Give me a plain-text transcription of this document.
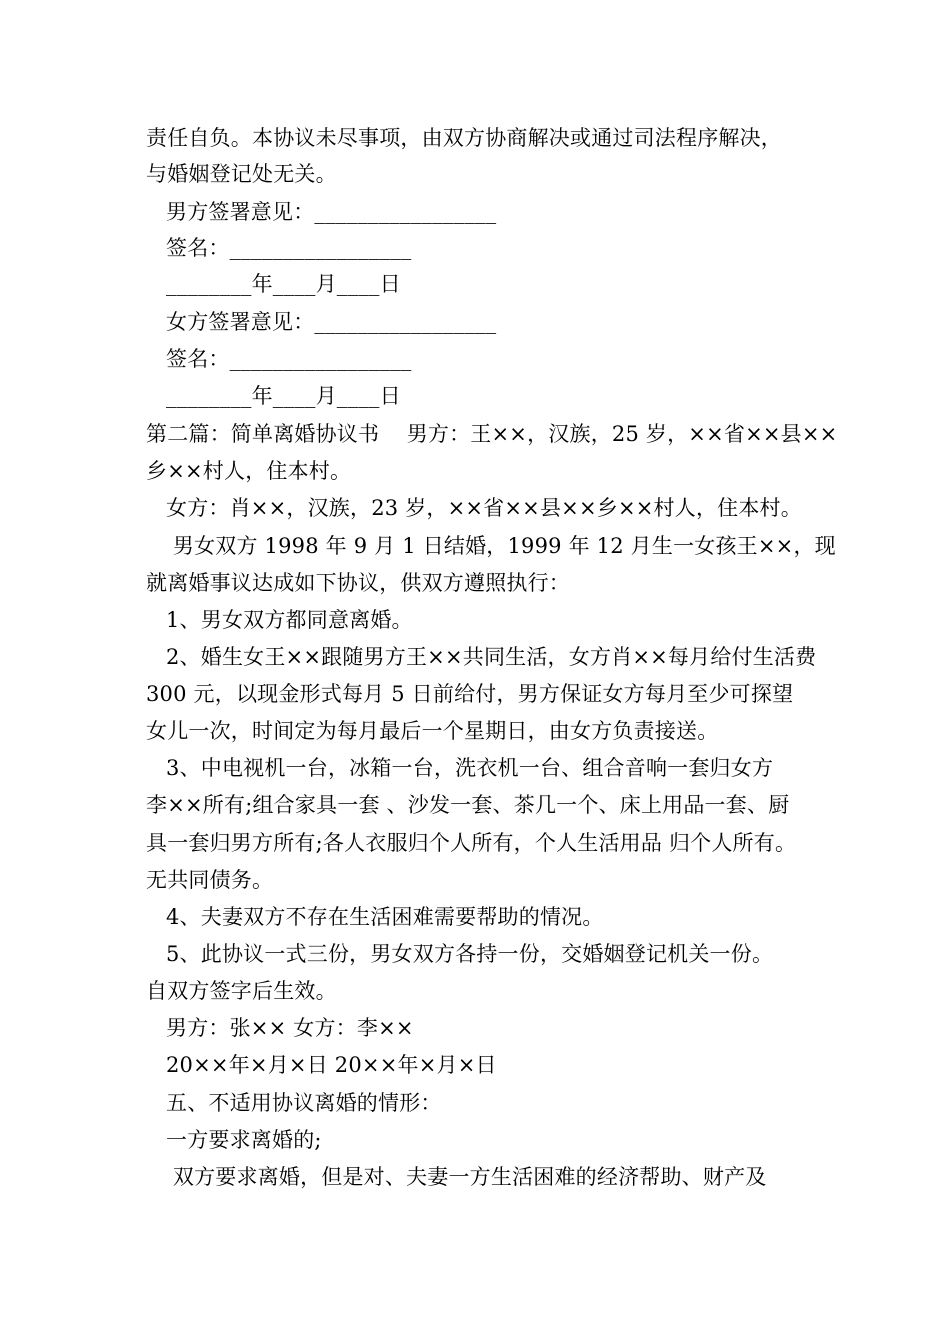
责任自负。本协议未尽事项，由双方协商解决或通过司法程序解决，
与婚姻登记处无关。
男方签署意见：_________________
签名：_________________
________年____月____日
女方签署意见：_________________
签名：_________________
________年____月____日
第二篇：简单离婚协议书    男方：王××，汉族，25 岁，××省××县××
乡××村人，住本村。
女方：肖××，汉族，23 岁，××省××县××乡××村人，住本村。
男女双方 1998 年 9 月 1 日结婚，1999 年 12 月生一女孩王××，现
就离婚事议达成如下协议，供双方遵照执行：
1、男女双方都同意离婚。
2、婚生女王××跟随男方王××共同生活，女方肖××每月给付生活费
300 元，以现金形式每月 5 日前给付，男方保证女方每月至少可探望
女儿一次，时间定为每月最后一个星期日，由女方负责接送。
3、中电视机一台，冰箱一台，洗衣机一台、组合音响一套归女方
李××所有;组合家具一套 、沙发一套、茶几一个、床上用品一套、厨
具一套归男方所有;各人衣服归个人所有，个人生活用品 归个人所有。
无共同债务。
4、夫妻双方不存在生活困难需要帮助的情况。
5、此协议一式三份，男女双方各持一份，交婚姻登记机关一份。
自双方签字后生效。
男方：张×× 女方：李××
20××年×月×日 20××年×月×日
五、不适用协议离婚的情形：
一方要求离婚的;
双方要求离婚，但是对、夫妻一方生活困难的经济帮助、财产及
